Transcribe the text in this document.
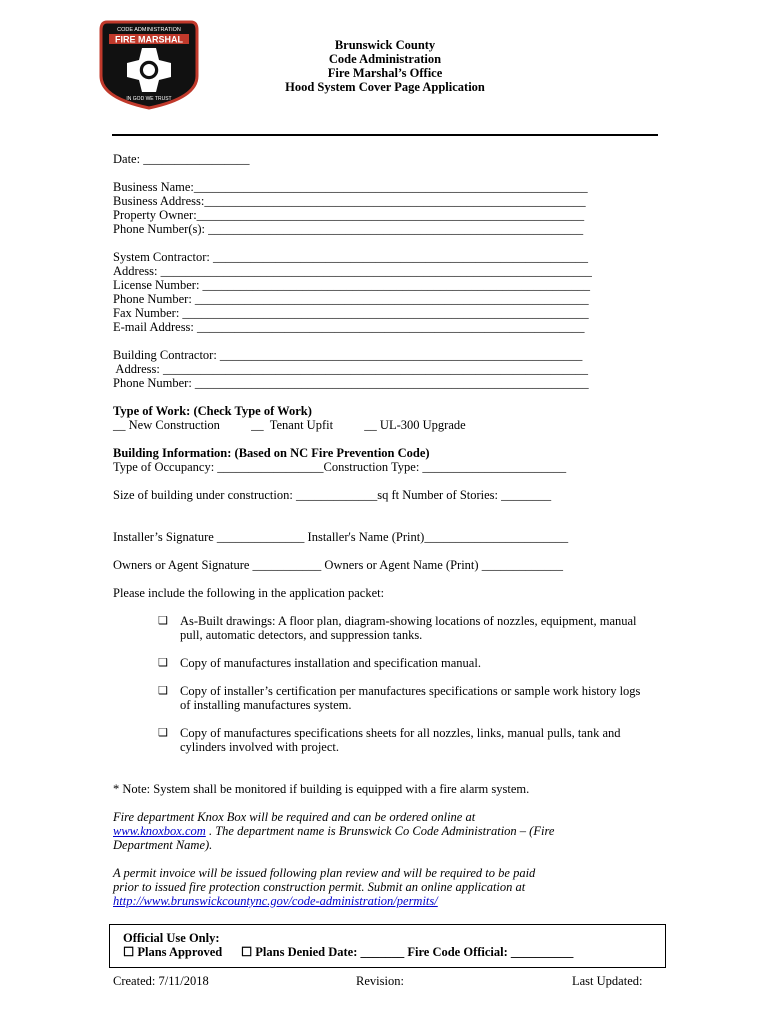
CODE ADMINISTRATION
FIRE MARSHAL
IN GOD WE TRUST
Brunswick County
Code Administration
Fire Marshal’s Office
Hood System Cover Page Application
Date: _________________
Business Name:_______________________________________________________________
Business Address:_____________________________________________________________
Property Owner:______________________________________________________________
Phone Number(s): ____________________________________________________________
System Contractor: ____________________________________________________________
Address: _____________________________________________________________________
License Number: ______________________________________________________________
Phone Number: _______________________________________________________________
Fax Number: _________________________________________________________________
E-mail Address: ______________________________________________________________
Building Contractor: __________________________________________________________
Address: ____________________________________________________________________
Phone Number: _______________________________________________________________
Type of Work: (Check Type of Work)
__ New Construction          __  Tenant Upfit          __ UL-300 Upgrade
Building Information: (Based on NC Fire Prevention Code)
Type of Occupancy: _________________Construction Type: _______________________
Size of building under construction: _____________sq ft Number of Stories: ________
Installer’s Signature ______________ Installer's Name (Print)_______________________
Owners or Agent Signature ___________ Owners or Agent Name (Print) _____________
Please include the following in the application packet:
❑ As-Built drawings: A floor plan, diagram-showing locations of nozzles, equipment, manual pull, automatic detectors, and suppression tanks.
❑ Copy of manufactures installation and specification manual.
❑ Copy of installer’s certification per manufactures specifications or sample work history logs of installing manufactures system.
❑ Copy of manufactures specifications sheets for all nozzles, links, manual pulls, tank and cylinders involved with project.
* Note: System shall be monitored if building is equipped with a fire alarm system.
Fire department Knox Box will be required and can be ordered online at
www.knoxbox.com . The department name is Brunswick Co Code Administration – (Fire
Department Name).
A permit invoice will be issued following plan review and will be required to be paid
prior to issued fire protection construction permit. Submit an online application at
http://www.brunswickcountync.gov/code-administration/permits/
Official Use Only:
☐ Plans Approved      ☐ Plans Denied Date: _______ Fire Code Official: __________
Created: 7/11/2018	Revision:	Last Updated:
